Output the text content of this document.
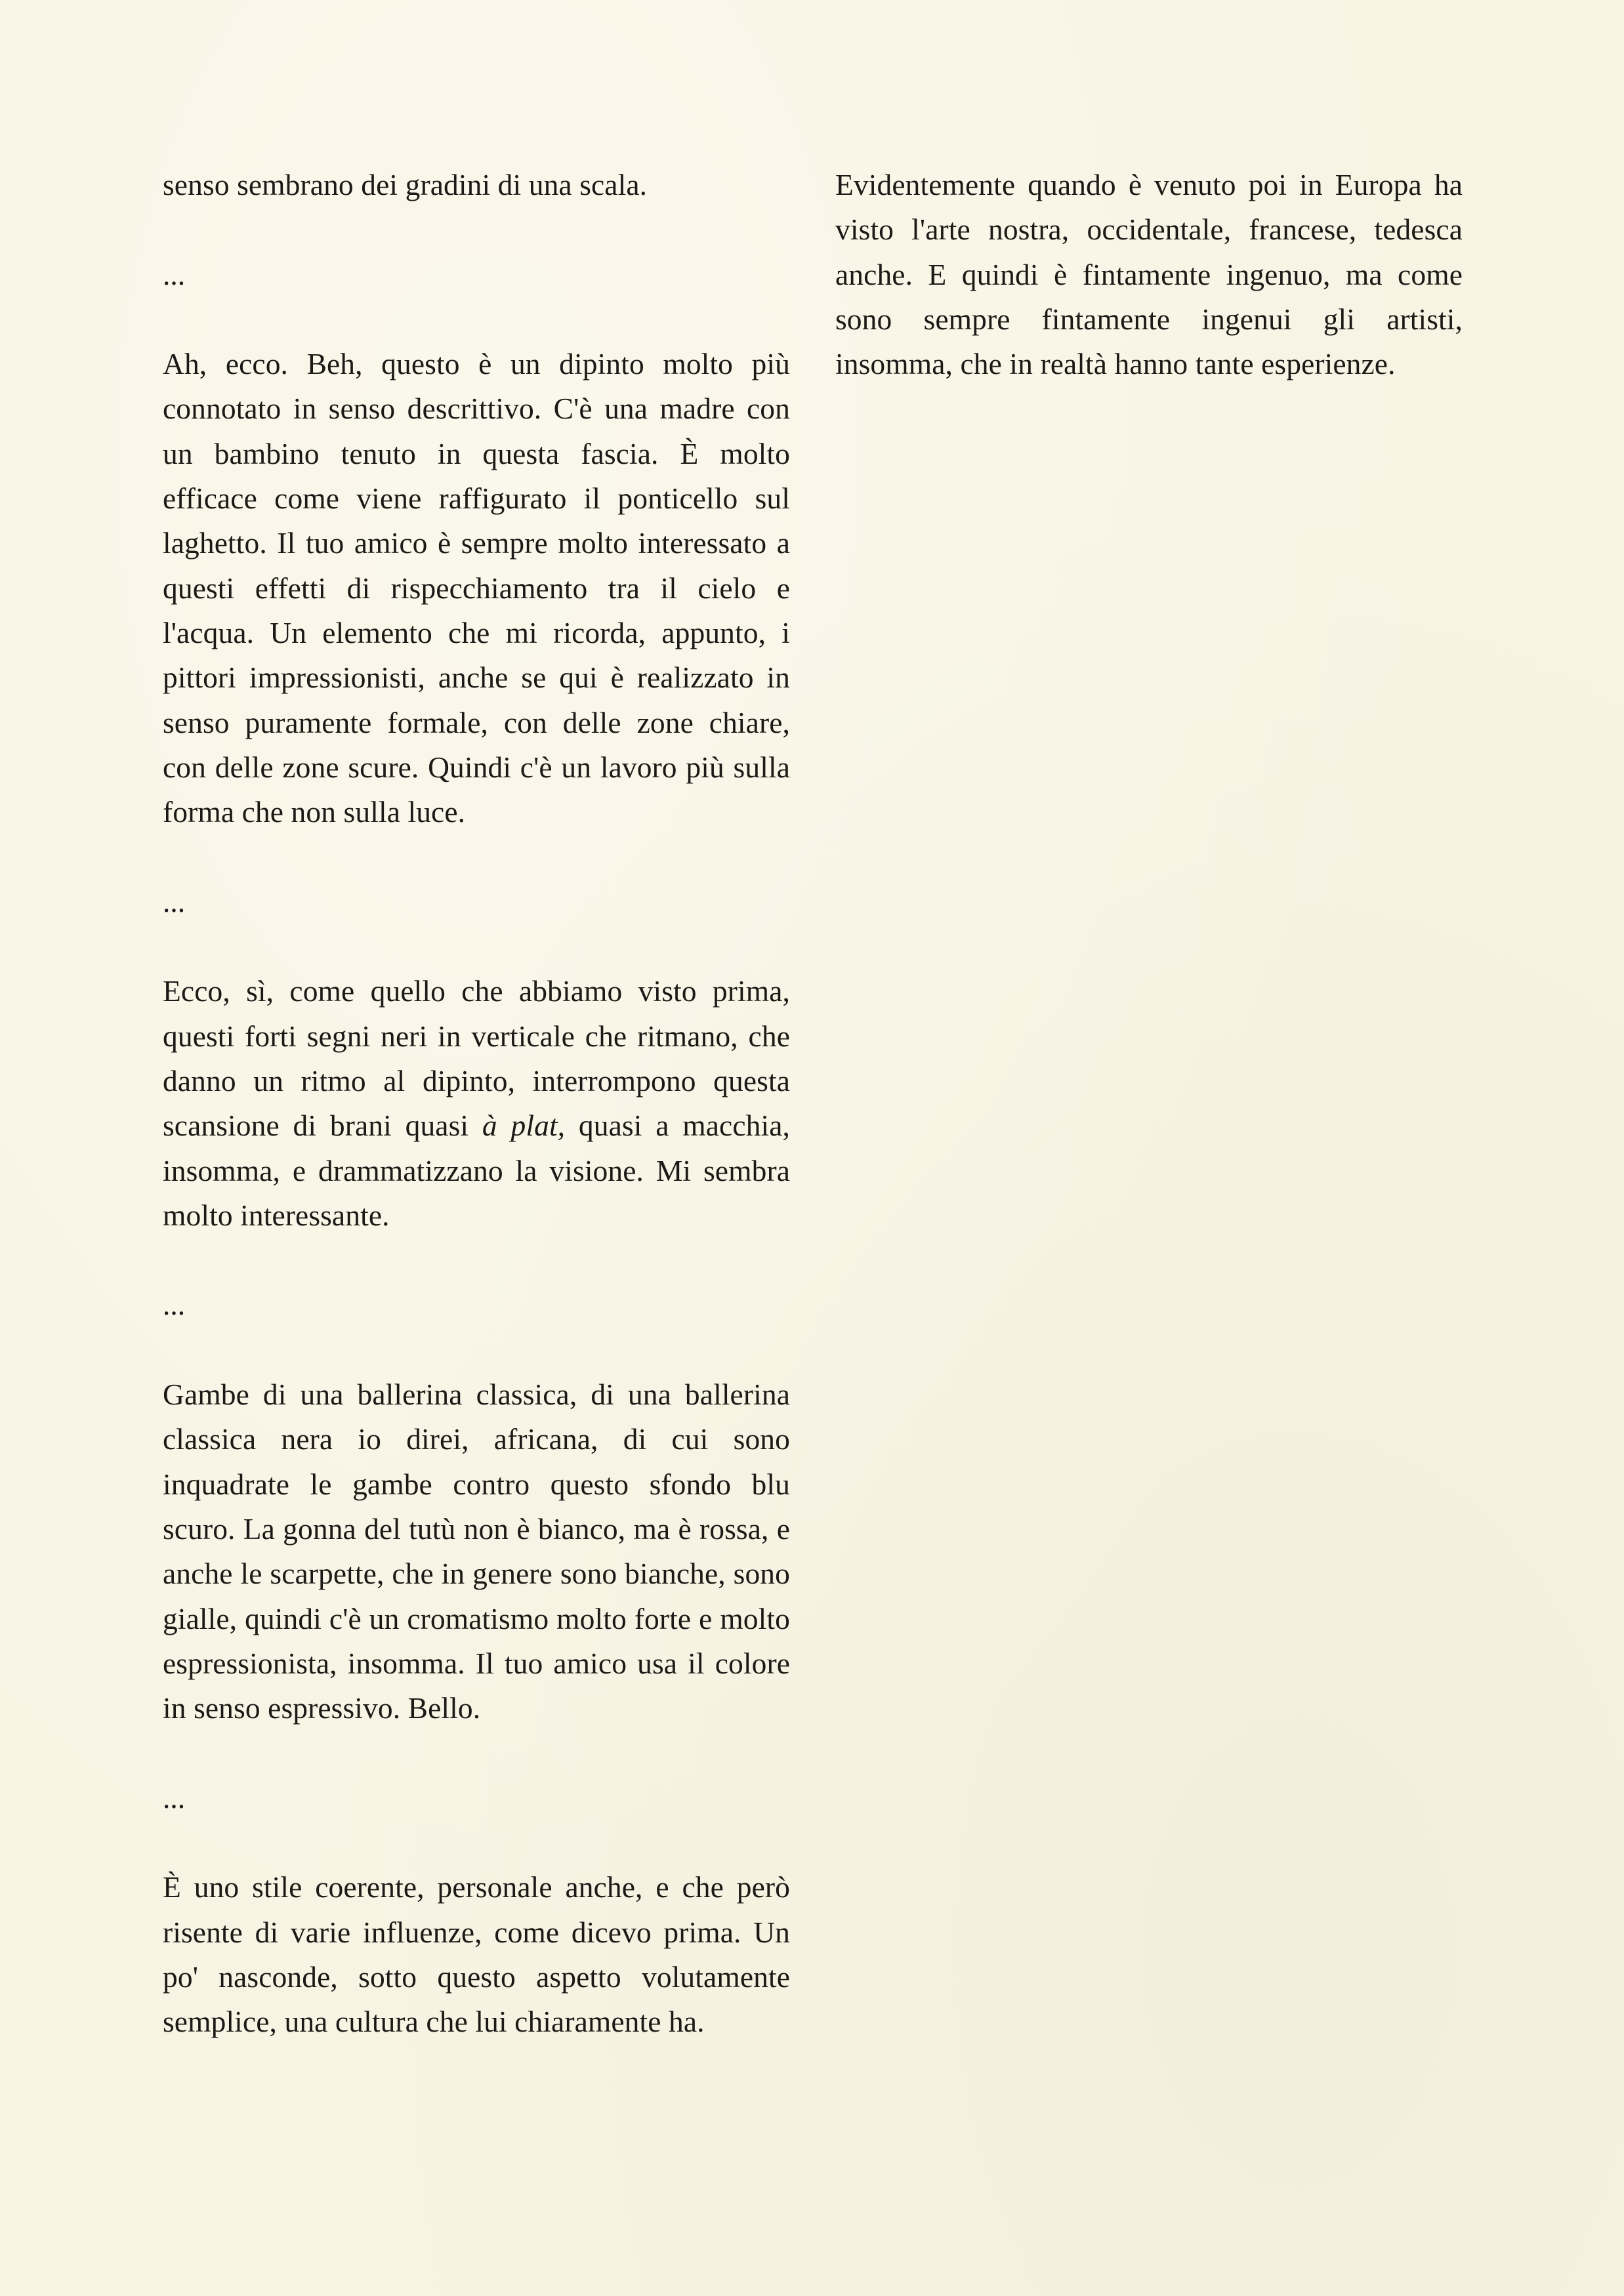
senso sembrano dei gradini di una scala.

...

Ah, ecco. Beh, questo è un dipinto molto più connotato in senso descrittivo. C'è una madre con un bambino tenuto in questa fascia. È molto efficace come viene raffigurato il ponticello sul laghetto. Il tuo amico è sempre molto interessato a questi effetti di rispecchiamento tra il cielo e l'acqua. Un elemento che mi ricorda, appunto, i pittori impressionisti, anche se qui è realizzato in senso puramente formale, con delle zone chiare, con delle zone scure. Quindi c'è un lavoro più sulla forma che non sulla luce.

...

Ecco, sì, come quello che abbiamo visto prima, questi forti segni neri in verticale che ritmano, che danno un ritmo al dipinto, interrompono questa scansione di brani quasi à plat, quasi a macchia, insomma, e drammatizzano la visione. Mi sembra molto interessante.

...

Gambe di una ballerina classica, di una ballerina classica nera io direi, africana, di cui sono inquadrate le gambe contro questo sfondo blu scuro. La gonna del tutù non è bianco, ma è rossa, e anche le scarpette, che in genere sono bianche, sono gialle, quindi c'è un cromatismo molto forte e molto espressionista, insomma. Il tuo amico usa il colore in senso espressivo. Bello.

...

È uno stile coerente, personale anche, e che però risente di varie influenze, come dicevo prima. Un po' nasconde, sotto questo aspetto volutamente semplice, una cultura che lui chiaramente ha.

Evidentemente quando è venuto poi in Europa ha visto l'arte nostra, occidentale, francese, tedesca anche. E quindi è fintamente ingenuo, ma come sono sempre fintamente ingenui gli artisti, insomma, che in realtà hanno tante esperienze.
